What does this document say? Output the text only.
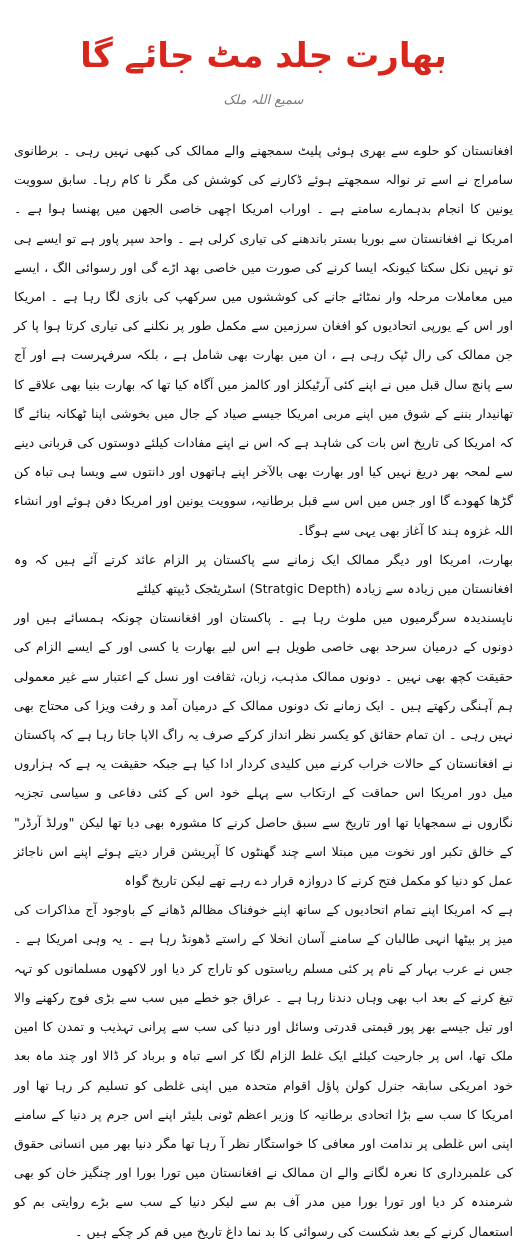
بھارت جلد مٹ جائے گا
سمیع اللہ ملک

افغانستان کو حلوے سے بھری ہوئی پلیٹ سمجھنے والے ممالک کی کبھی نہیں رہی ۔ برطانوی سامراج نے اسے تر نوالہ سمجھتے ہوئے ڈکارنے کی کوشش کی مگر نا کام رہا۔ سابق سوویت یونین کا انجام بدہمارے سامنے ہے ۔ اوراب امریکا اچھی خاصی الجھن میں پھنسا ہوا ہے ۔ امریکا نے افغانستان سے بوریا بستر باندھنے کی تیاری کرلی ہے ۔ واحد سپر پاور ہے تو ایسے ہی تو نہیں نکل سکتا کیونکہ ایسا کرنے کی صورت میں خاصی بھد اڑے گی اور رسوائی الگ ، ایسے میں معاملات مرحلہ وار نمٹائے جانے کی کوششوں میں سرکھپ کی بازی لگا رہا ہے ۔ امریکا اور اس کے یورپی اتحادیوں کو افغان سرزمین سے مکمل طور پر نکلنے کی تیاری کرتا ہوا پا کر جن ممالک کی رال ٹپک رہی ہے ، ان میں بھارت بھی شامل ہے ، بلکہ سرفہرست ہے اور آج سے پانچ سال قبل میں نے اپنے کئی آرٹیکلز اور کالمز میں آگاہ کیا تھا کہ بھارت بنیا بھی علاقے کا تھانیدار بننے کے شوق میں اپنے مربی امریکا جیسے صیاد کے جال میں بخوشی اپنا ٹھکانہ بنائے گا کہ امریکا کی تاریخ اس بات کی شاہد ہے کہ اس نے اپنے مفادات کیلئے دوستوں کی قربانی دینے سے لمحہ بھر دریغ نہیں کیا اور بھارت بھی بالآخر اپنے ہاتھوں اور دانتوں سے ویسا ہی تباہ کن گڑھا کھودے گا اور جس میں اس سے قبل برطانیہ، سوویت یونین اور امریکا دفن ہوئے اور انشاء اللہ غزوہ ہند کا آغاز بھی یہی سے ہوگا۔

بھارت، امریکا اور دیگر ممالک ایک زمانے سے پاکستان پر الزام عائد کرتے آئے ہیں کہ وہ افغانستان میں زیادہ سے زیادہ (Stratgic Depth) اسٹریٹجک ڈیپتھ کیلئے

ناپسندیدہ سرگرمیوں میں ملوث رہا ہے ۔ پاکستان اور افغانستان چونکہ ہمسائے ہیں اور دونوں کے درمیان سرحد بھی خاصی طویل ہے اس لیے بھارت یا کسی اور کے ایسے الزام کی حقیقت کچھ بھی نہیں ۔ دونوں ممالک مذہب، زبان، ثقافت اور نسل کے اعتبار سے غیر معمولی ہم آہنگی رکھتے ہیں ۔ ایک زمانے تک دونوں ممالک کے درمیان آمد و رفت ویزا کی محتاج بھی نہیں رہی ۔ ان تمام حقائق کو یکسر نظر انداز کرکے صرف یہ راگ الاپا جاتا رہا ہے کہ پاکستان نے افغانستان کے حالات خراب کرنے میں کلیدی کردار ادا کیا ہے جبکہ حقیقت یہ ہے کہ ہزاروں میل دور امریکا اس حماقت کے ارتکاب سے پہلے خود اس کے کئی دفاعی و سیاسی تجزیہ نگاروں نے سمجھایا تھا اور تاریخ سے سبق حاصل کرنے کا مشورہ بھی دیا تھا لیکن "ورلڈ آرڈر" کے خالق تکبر اور نخوت میں مبتلا اسے چند گھنٹوں کا آپریشن قرار دیتے ہوئے اپنے اس ناجائز عمل کو دنیا کو مکمل فتح کرنے کا دروازہ قرار دے رہے تھے لیکن تاریخ گواہ

ہے کہ امریکا اپنے تمام اتحادیوں کے ساتھ اپنے خوفناک مظالم ڈھانے کے باوجود آج مذاکرات کی میز پر بیٹھا انہی طالبان کے سامنے آسان انخلا کے راستے ڈھونڈ رہا ہے ۔ یہ وہی امریکا ہے ۔ جس نے عرب بہار کے نام پر کئی مسلم ریاستوں کو تاراج کر دیا اور لاکھوں مسلمانوں کو تہہ تیغ کرنے کے بعد اب بھی وہاں دندنا رہا ہے ۔ عراق جو خطے میں سب سے بڑی فوج رکھنے والا اور تیل جیسے بھر پور قیمتی قدرتی وسائل اور دنیا کی سب سے پرانی تہذیب و تمدن کا امین ملک تھا، اس پر جارحیت کیلئے ایک غلط الزام لگا کر اسے تباہ و برباد کر ڈالا اور چند ماہ بعد خود امریکی سابقہ جنرل کولن پاؤل اقوام متحدہ میں اپنی غلطی کو تسلیم کر رہا تھا اور امریکا کا سب سے بڑا اتحادی برطانیہ کا وزیر اعظم ٹونی بلیئر اپنے اس جرم پر دنیا کے سامنے اپنی اس غلطی پر ندامت اور معافی کا خواستگار نظر آ رہا تھا مگر دنیا بھر میں انسانی حقوق کی علمبرداری کا نعرہ لگانے والے ان ممالک نے افغانستان میں تورا بورا اور چنگیز خان کو بھی شرمندہ کر دیا اور تورا بورا میں مدر آف بم سے لیکر دنیا کے سب سے بڑے روایتی بم کو استعمال کرنے کے بعد شکست کی رسوائی کا بد نما داغ تاریخ میں قم کر چکے ہیں ۔
